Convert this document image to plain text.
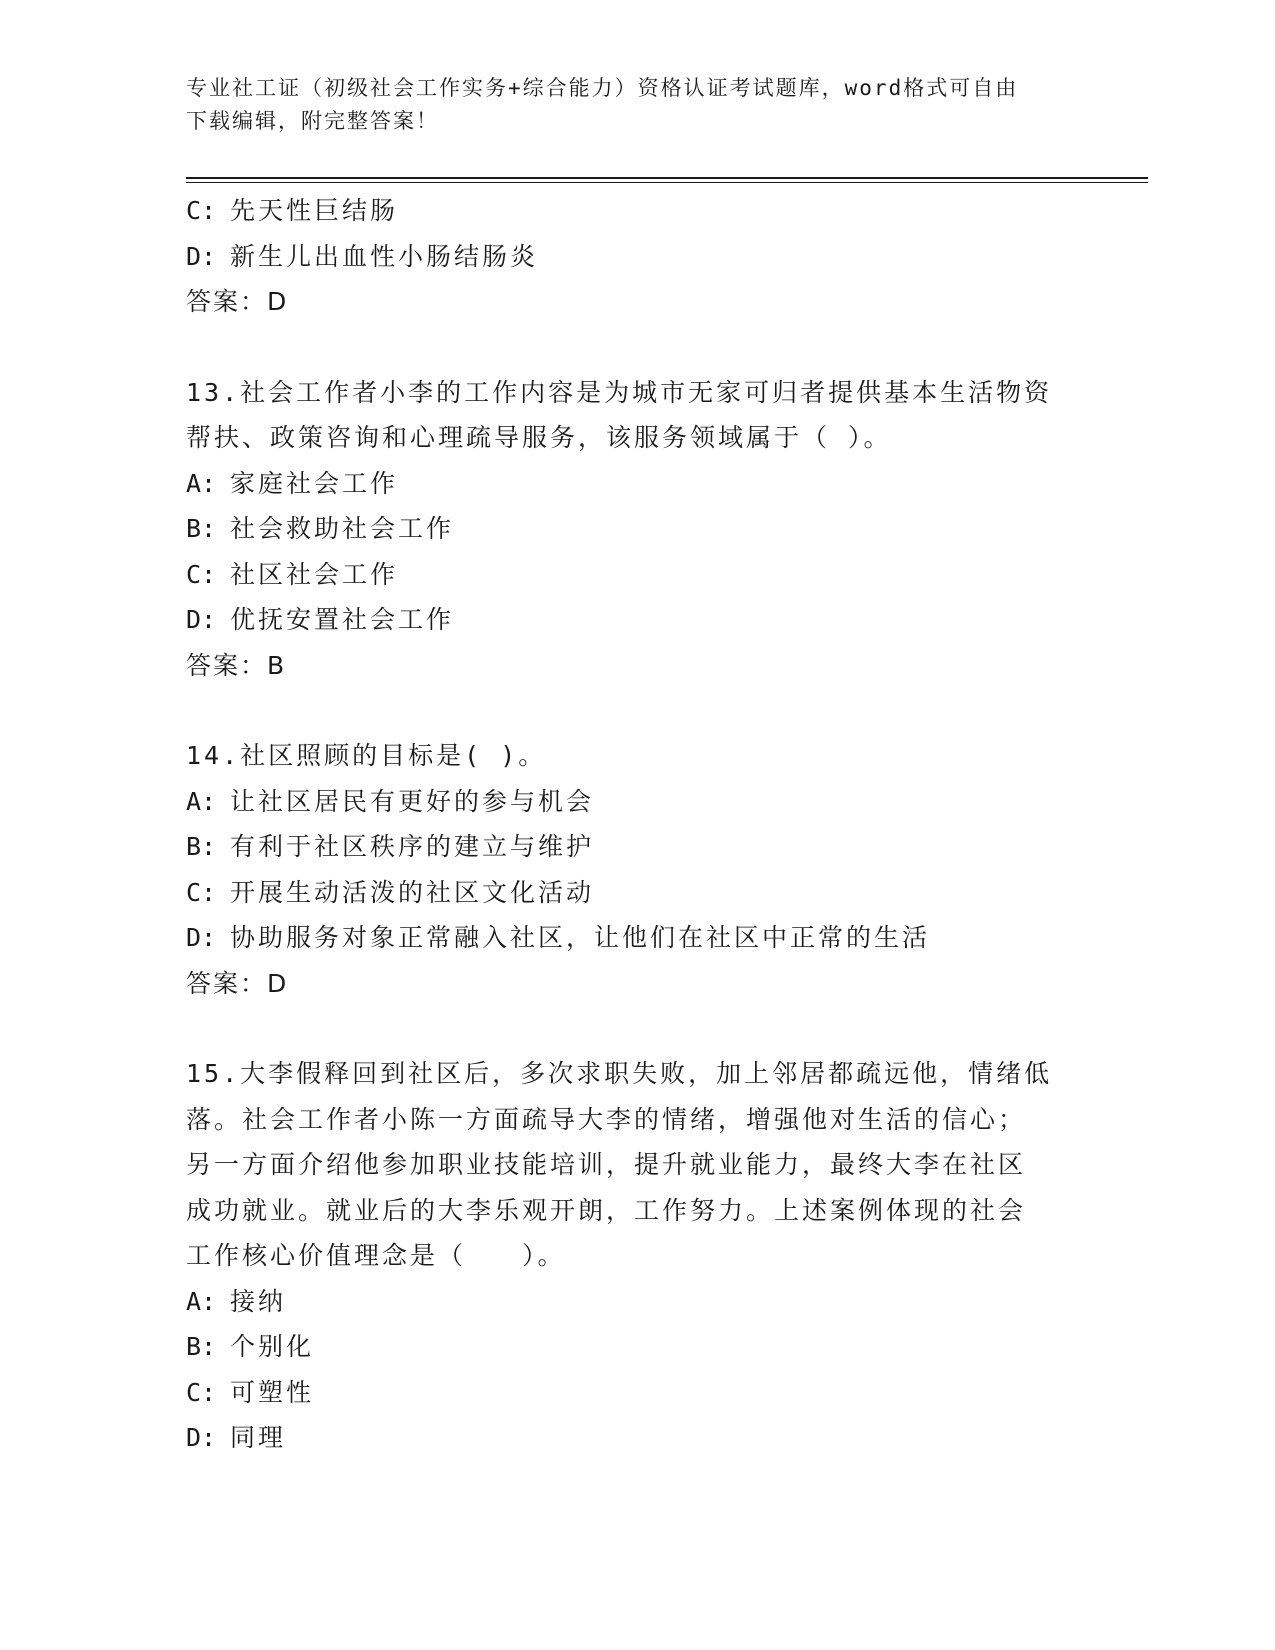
专业社工证（初级社会工作实务+综合能力）资格认证考试题库，word格式可自由
下载编辑，附完整答案！
C: 先天性巨结肠
D: 新生儿出血性小肠结肠炎
答案：D
13.社会工作者小李的工作内容是为城市无家可归者提供基本生活物资
帮扶、政策咨询和心理疏导服务，该服务领域属于（ ）。
A: 家庭社会工作
B: 社会救助社会工作
C: 社区社会工作
D: 优抚安置社会工作
答案：B
14.社区照顾的目标是( )。
A: 让社区居民有更好的参与机会
B: 有利于社区秩序的建立与维护
C: 开展生动活泼的社区文化活动
D: 协助服务对象正常融入社区，让他们在社区中正常的生活
答案：D
15.大李假释回到社区后，多次求职失败，加上邻居都疏远他，情绪低
落。社会工作者小陈一方面疏导大李的情绪，增强他对生活的信心；
另一方面介绍他参加职业技能培训，提升就业能力，最终大李在社区
成功就业。就业后的大李乐观开朗，工作努力。上述案例体现的社会
工作核心价值理念是（　　）。
A: 接纳
B: 个别化
C: 可塑性
D: 同理
